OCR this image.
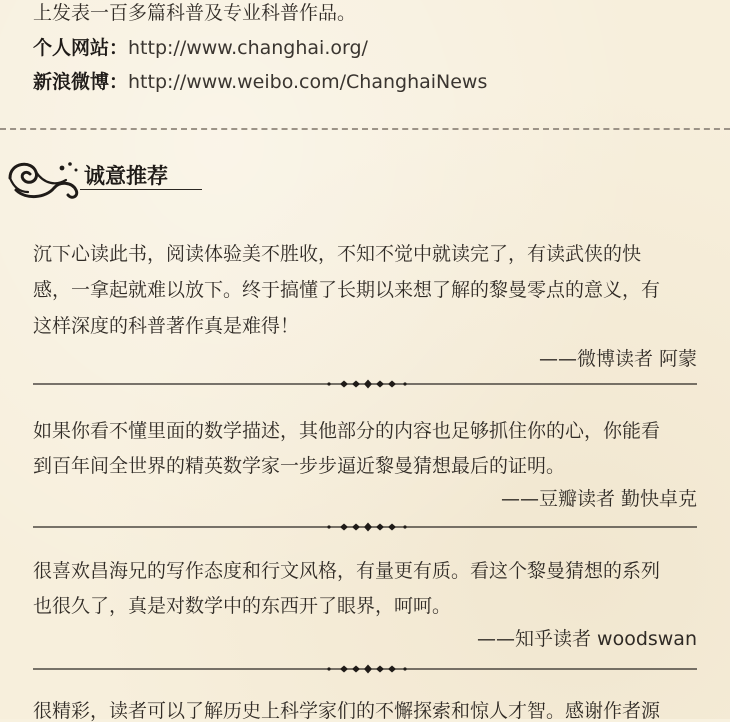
上发表一百多篇科普及专业科普作品。
个人网站：http://www.changhai.org/
新浪微博：http://www.weibo.com/ChanghaiNews
诚意推荐
沉下心读此书，阅读体验美不胜收，不知不觉中就读完了，有读武侠的快
感，一拿起就难以放下。终于搞懂了长期以来想了解的黎曼零点的意义，有
这样深度的科普著作真是难得！
——微博读者 阿蒙
如果你看不懂里面的数学描述，其他部分的内容也足够抓住你的心，你能看
到百年间全世界的精英数学家一步步逼近黎曼猜想最后的证明。
——豆瓣读者 勤快卓克
很喜欢昌海兄的写作态度和行文风格，有量更有质。看这个黎曼猜想的系列
也很久了，真是对数学中的东西开了眼界，呵呵。
——知乎读者 woodswan
很精彩，读者可以了解历史上科学家们的不懈探索和惊人才智。感谢作者源
